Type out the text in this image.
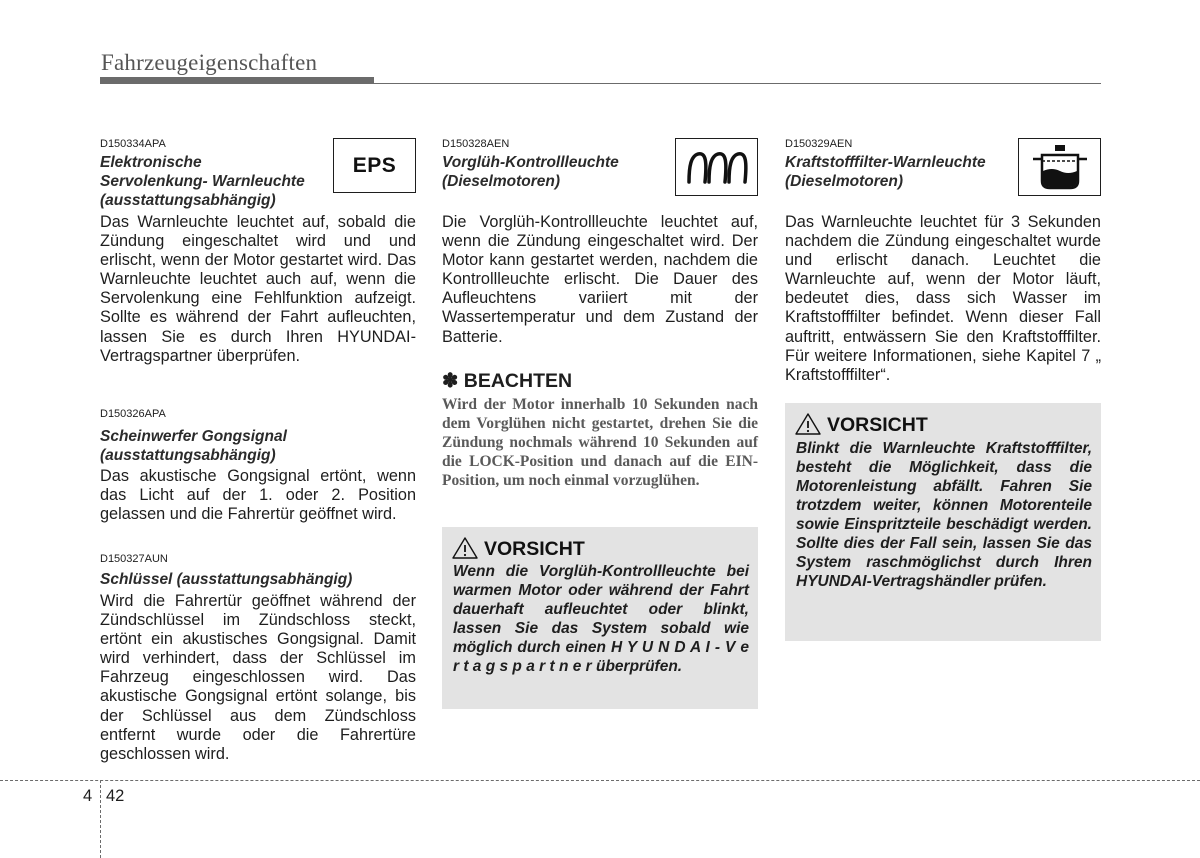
Fahrzeugeigenschaften
D150334APA
Elektronische
Servolenkung- Warnleuchte
(ausstattungsabhängig)
EPS
Das Warnleuchte leuchtet auf, sobald die Zündung eingeschaltet wird und und erlischt, wenn der Motor gestartet wird. Das Warnleuchte leuchtet auch auf, wenn die Servolenkung eine Fehlfunktion aufzeigt. Sollte es während der Fahrt aufleuchten, lassen Sie es durch Ihren HYUNDAI-Vertragspartner überprüfen.
D150326APA
Scheinwerfer Gongsignal
(ausstattungsabhängig)
Das akustische Gongsignal ertönt, wenn das Licht auf der 1. oder 2. Position gelassen und die Fahrertür geöffnet wird.
D150327AUN
Schlüssel (ausstattungsabhängig)
Wird die Fahrertür geöffnet während der Zündschlüssel im Zündschloss steckt, ertönt ein akustisches Gongsignal. Damit wird verhindert, dass der Schlüssel im Fahrzeug eingeschlossen wird. Das akustische Gongsignal ertönt solange, bis der Schlüssel aus dem Zündschloss entfernt wurde oder die Fahrertüre geschlossen wird.
D150328AEN
Vorglüh-Kontrollleuchte
(Dieselmotoren)
Die Vorglüh-Kontrollleuchte leuchtet auf, wenn die Zündung eingeschaltet wird. Der Motor kann gestartet werden, nachdem die Kontrollleuchte erlischt. Die Dauer des Aufleuchtens variiert mit der Wassertemperatur und dem Zustand der Batterie.
✽ BEACHTEN
Wird der Motor innerhalb 10 Sekunden nach dem Vorglühen nicht gestartet, drehen Sie die Zündung nochmals während 10 Sekunden auf die LOCK-Position und danach auf die EIN-Position, um noch einmal vorzuglühen.
VORSICHT
Wenn die Vorglüh-Kontrollleuchte bei warmen Motor oder während der Fahrt dauerhaft aufleuchtet oder blinkt, lassen Sie das System sobald wie möglich durch einen H Y U N D A I - V e r t a g s p a r t n e r überprüfen.
D150329AEN
Kraftstofffilter-Warnleuchte
(Dieselmotoren)
Das Warnleuchte leuchtet für 3 Sekunden nachdem die Zündung eingeschaltet wurde und erlischt danach. Leuchtet die Warnleuchte auf, wenn der Motor läuft, bedeutet dies, dass sich Wasser im Kraftstofffilter befindet. Wenn dieser Fall auftritt, entwässern Sie den Kraftstofffilter. Für weitere Informationen, siehe Kapitel 7 „ Kraftstofffilter“.
VORSICHT
Blinkt die Warnleuchte Kraftstofffilter, besteht die Möglichkeit, dass die Motorenleistung abfällt. Fahren Sie trotzdem weiter, können Motorenteile sowie Einspritzteile beschädigt werden. Sollte dies der Fall sein, lassen Sie das System raschmöglichst durch Ihren HYUNDAI-Vertragshändler prüfen.
4 42
